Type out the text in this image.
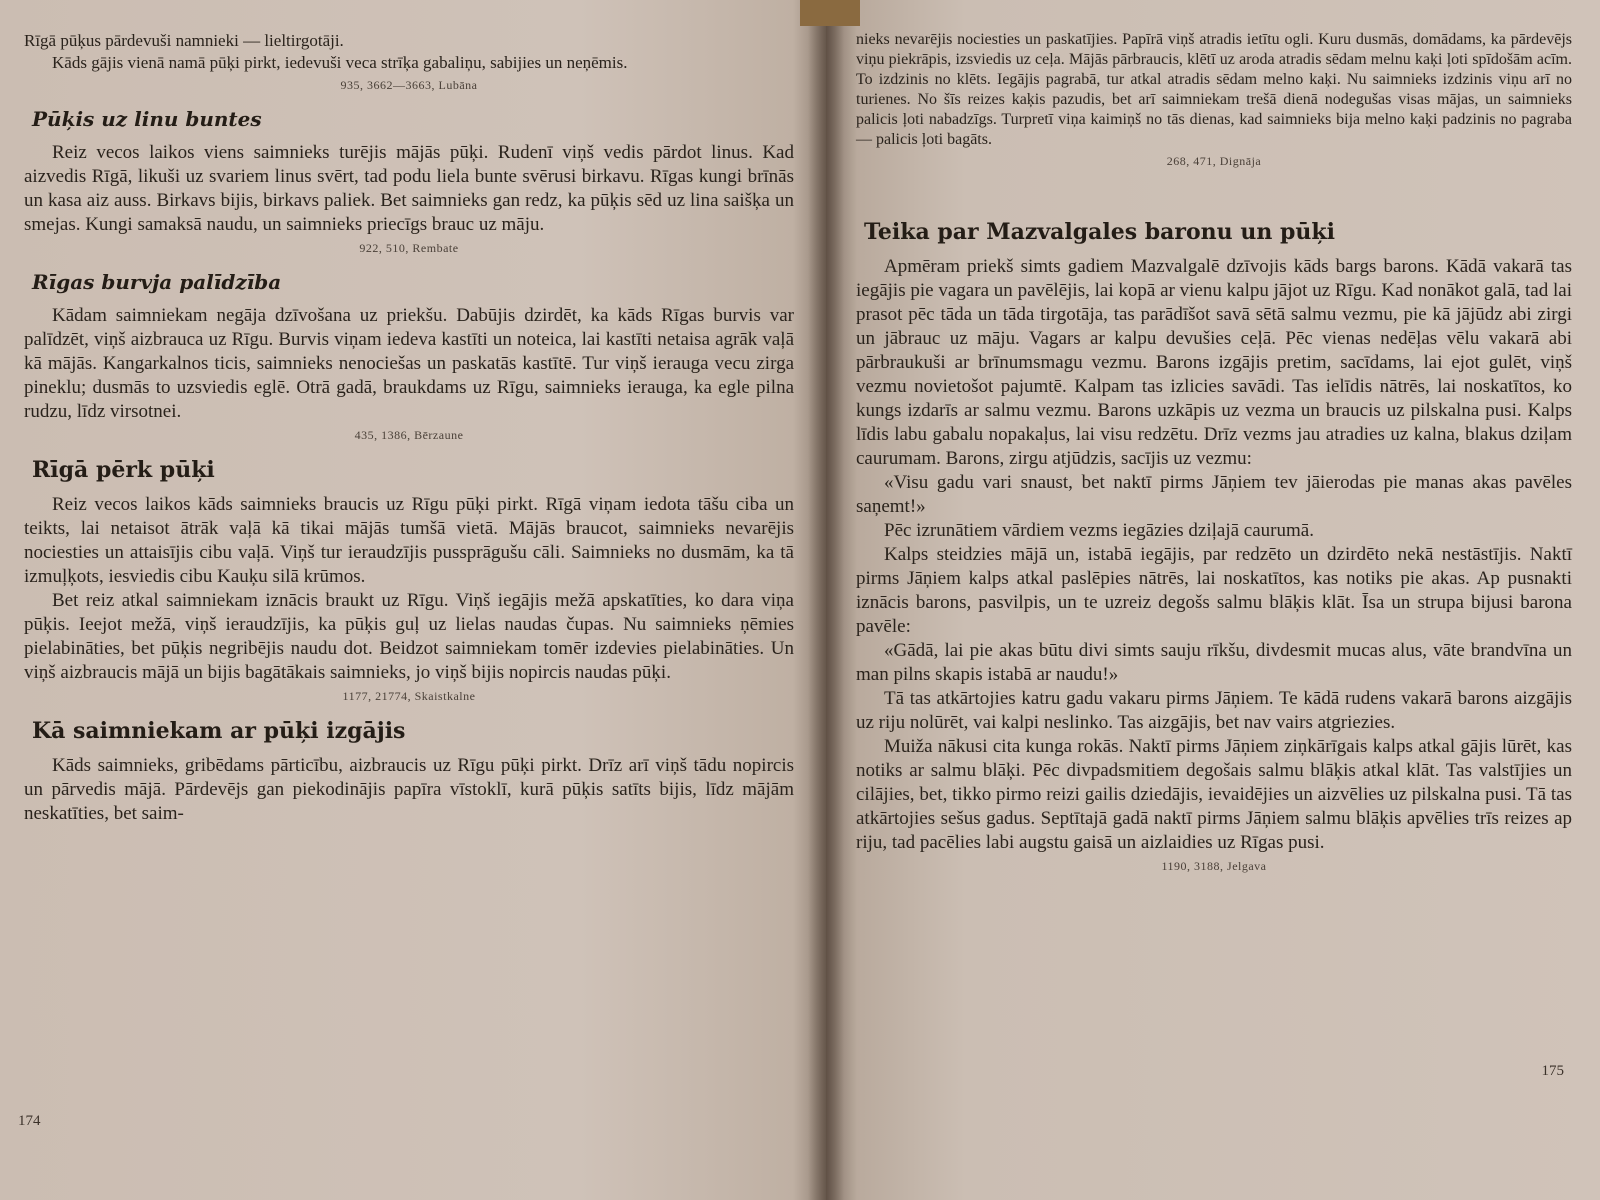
Rīgā pūķus pārdevuši namnieki — lieltirgotāji.

Kāds gājis vienā namā pūķi pirkt, iedevuši veca strīķa gabaliņu, sabijies un neņēmis.

935, 3662—3663, Lubāna
Pūķis uz linu buntes

Reiz vecos laikos viens saimnieks turējis mājās pūķi. Rudenī viņš vedis pārdot linus. Kad aizvedis Rīgā, likuši uz svariem linus svērt, tad podu liela bunte svērusi birkavu. Rīgas kungi brīnās un kasa aiz auss. Birkavs bijis, birkavs paliek. Bet saimnieks gan redz, ka pūķis sēd uz lina saišķa un smejas. Kungi samaksā naudu, un saimnieks priecīgs brauc uz māju.

922, 510, Rembate
Rīgas burvja palīdzība

Kādam saimniekam negāja dzīvošana uz priekšu. Dabūjis dzirdēt, ka kāds Rīgas burvis var palīdzēt, viņš aizbrauca uz Rīgu. Burvis viņam iedeva kastīti un noteica, lai kastīti netaisa agrāk vaļā kā mājās. Kangarkalnos ticis, saimnieks nenociešas un paskatās kastītē. Tur viņš ierauga vecu zirga pineklu; dusmās to uzsviedis eglē. Otrā gadā, braukdams uz Rīgu, saimnieks ierauga, ka egle pilna rudzu, līdz virsotnei.

435, 1386, Bērzaune
Rīgā pērk pūķi

Reiz vecos laikos kāds saimnieks braucis uz Rīgu pūķi pirkt. Rīgā viņam iedota tāšu ciba un teikts, lai netaisot ātrāk vaļā kā tikai mājās tumšā vietā. Mājās braucot, saimnieks nevarējis nociesties un attaisījis cibu vaļā. Viņš tur ieraudzījis pussprāgušu cāli. Saimnieks no dusmām, ka tā izmuļķots, iesviedis cibu Kauķu silā krūmos.

Bet reiz atkal saimniekam iznācis braukt uz Rīgu. Viņš iegājis mežā apskatīties, ko dara viņa pūķis. Ieejot mežā, viņš ieraudzījis, ka pūķis guļ uz lielas naudas čupas. Nu saimnieks ņēmies pielabināties, bet pūķis negribējis naudu dot. Beidzot saimniekam tomēr izdevies pielabināties. Un viņš aizbraucis mājā un bijis bagātākais saimnieks, jo viņš bijis nopircis naudas pūķi.

1177, 21774, Skaistkalne
Kā saimniekam ar pūķi izgājis

Kāds saimnieks, gribēdams pārticību, aizbraucis uz Rīgu pūķi pirkt. Drīz arī viņš tādu nopircis un pārvedis mājā. Pārdevējs gan piekodinājis papīra vīstoklī, kurā pūķis satīts bijis, līdz mājām neskatīties, bet saim-

174

nieks nevarējis nociesties un paskatījies. Papīrā viņš atradis ietītu ogli. Kuru dusmās, domādams, ka pārdevējs viņu piekrāpis, izsviedis uz ceļa. Mājās pārbraucis, klētī uz aroda atradis sēdam melnu kaķi ļoti spīdošām acīm. To izdzinis no klēts. Iegājis pagrabā, tur atkal atradis sēdam melno kaķi. Nu saimnieks izdzinis viņu arī no turienes. No šīs reizes kaķis pazudis, bet arī saimniekam trešā dienā nodegušas visas mājas, un saimnieks palicis ļoti nabadzīgs. Turpretī viņa kaimiņš no tās dienas, kad saimnieks bija melno kaķi padzinis no pagraba — palicis ļoti bagāts.

268, 471, Dignāja
Teika par Mazvalgales baronu un pūķi

Apmēram priekš simts gadiem Mazvalgalē dzīvojis kāds bargs barons. Kādā vakarā tas iegājis pie vagara un pavēlējis, lai kopā ar vienu kalpu jājot uz Rīgu. Kad nonākot galā, tad lai prasot pēc tāda un tāda tirgotāja, tas parādīšot savā sētā salmu vezmu, pie kā jājūdz abi zirgi un jābrauc uz māju. Vagars ar kalpu devušies ceļā. Pēc vienas nedēļas vēlu vakarā abi pārbraukuši ar brīnumsmagu vezmu. Barons izgājis pretim, sacīdams, lai ejot gulēt, viņš vezmu novietošot pajumtē. Kalpam tas izlicies savādi. Tas ielīdis nātrēs, lai noskatītos, ko kungs izdarīs ar salmu vezmu. Barons uzkāpis uz vezma un braucis uz pilskalna pusi. Kalps līdis labu gabalu nopakaļus, lai visu redzētu. Drīz vezms jau atradies uz kalna, blakus dziļam caurumam. Barons, zirgu atjūdzis, sacījis uz vezmu:

«Visu gadu vari snaust, bet naktī pirms Jāņiem tev jāierodas pie manas akas pavēles saņemt!»

Pēc izrunātiem vārdiem vezms iegāzies dziļajā caurumā.

Kalps steidzies mājā un, istabā iegājis, par redzēto un dzirdēto nekā nestāstījis. Naktī pirms Jāņiem kalps atkal paslēpies nātrēs, lai noskatītos, kas notiks pie akas. Ap pusnakti iznācis barons, pasvilpis, un te uzreiz degošs salmu blāķis klāt. Īsa un strupa bijusi barona pavēle:

«Gādā, lai pie akas būtu divi simts sauju rīkšu, divdesmit mucas alus, vāte brandvīna un man pilns skapis istabā ar naudu!»

Tā tas atkārtojies katru gadu vakaru pirms Jāņiem. Te kādā rudens vakarā barons aizgājis uz riju nolūrēt, vai kalpi neslinko. Tas aizgājis, bet nav vairs atgriezies.

Muiža nākusi cita kunga rokās. Naktī pirms Jāņiem ziņkārīgais kalps atkal gājis lūrēt, kas notiks ar salmu blāķi. Pēc divpadsmitiem degošais salmu blāķis atkal klāt. Tas valstījies un cilājies, bet, tikko pirmo reizi gailis dziedājis, ievaidējies un aizvēlies uz pilskalna pusi. Tā tas atkārtojies sešus gadus. Septītajā gadā naktī pirms Jāņiem salmu blāķis apvēlies trīs reizes ap riju, tad pacēlies labi augstu gaisā un aizlaidies uz Rīgas pusi.

1190, 3188, Jelgava
175
